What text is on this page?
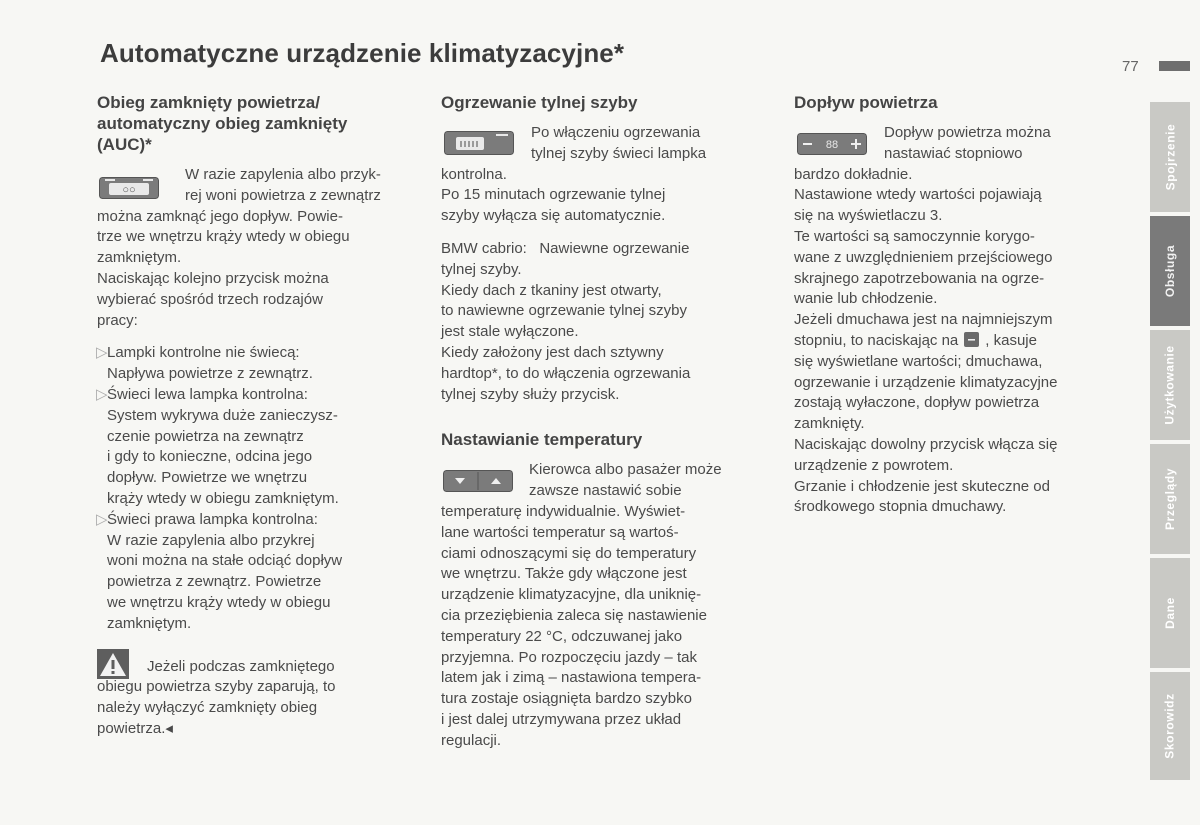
Automatyczne urządzenie klimatyzacyjne*	77
Obieg zamknięty powietrza/
automatyczny obieg zamknięty
(AUC)*
○○
W razie zapylenia albo przyk-
rej woni powietrza z zewnątrz
można zamknąć jego dopływ. Powie-
trze we wnętrzu krąży wtedy w obiegu
zamkniętym.
Naciskając kolejno przycisk można
wybierać spośród trzech rodzajów
pracy:
▷Lampki kontrolne nie świecą:
Napływa powietrze z zewnątrz.
▷Świeci lewa lampka kontrolna:
System wykrywa duże zanieczysz-
czenie powietrza na zewnątrz
i gdy to konieczne, odcina jego
dopływ. Powietrze we wnętrzu
krąży wtedy w obiegu zamkniętym.
▷Świeci prawa lampka kontrolna:
W razie zapylenia albo przykrej
woni można na stałe odciąć dopływ
powietrza z zewnątrz. Powietrze
we wnętrzu krąży wtedy w obiegu
zamkniętym.
Jeżeli podczas zamkniętego
obiegu powietrza szyby zaparują, to
należy wyłączyć zamknięty obieg
powietrza.◂
Ogrzewanie tylnej szyby
Po włączeniu ogrzewania
tylnej szyby świeci lampka
kontrolna.
Po 15 minutach ogrzewanie tylnej
szyby wyłącza się automatycznie.
BMW cabrio:   Nawiewne ogrzewanie
tylnej szyby.
Kiedy dach z tkaniny jest otwarty,
to nawiewne ogrzewanie tylnej szyby
jest stale wyłączone.
Kiedy założony jest dach sztywny
hardtop*, to do włączenia ogrzewania
tylnej szyby służy przycisk.
Nastawianie temperatury
Kierowca albo pasażer może
zawsze nastawić sobie
temperaturę indywidualnie. Wyświet-
lane wartości temperatur są wartoś-
ciami odnoszącymi się do temperatury
we wnętrzu. Także gdy włączone jest
urządzenie klimatyzacyjne, dla uniknię-
cia przeziębienia zaleca się nastawienie
temperatury 22 °C, odczuwanej jako
przyjemna. Po rozpoczęciu jazdy – tak
latem jak i zimą – nastawiona tempera-
tura zostaje osiągnięta bardzo szybko
i jest dalej utrzymywana przez układ
regulacji.
Dopływ powietrza
88
Dopływ powietrza można
nastawiać stopniowo
bardzo dokładnie.
Nastawione wtedy wartości pojawiają
się na wyświetlaczu 3.
Te wartości są samoczynnie korygo-
wane z uwzględnieniem przejściowego
skrajnego zapotrzebowania na ogrze-
wanie lub chłodzenie.
Jeżeli dmuchawa jest na najmniejszym
stopniu, to naciskając na , kasuje
się wyświetlane wartości; dmuchawa,
ogrzewanie i urządzenie klimatyzacyjne
zostają wyłaczone, dopływ powietrza
zamknięty.
Naciskając dowolny przycisk włącza się
urządzenie z powrotem.
Grzanie i chłodzenie jest skuteczne od
środkowego stopnia dmuchawy.
Spojrzenie
Obsługa
Użytkowanie
Przeglądy
Dane
Skorowidz
